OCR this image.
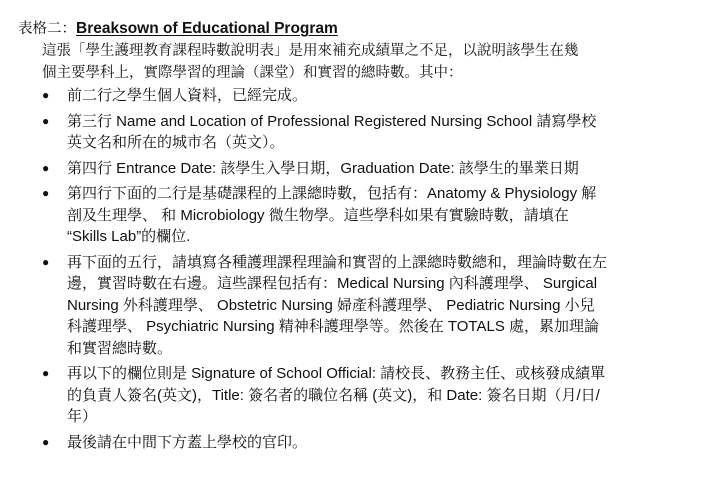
表格二：Breaksown of Educational Program

這張「學生護理教育課程時數說明表」是用來補充成績單之不足，以說明該學生在幾
個主要學科上，實際學習的理論（課堂）和實習的總時數。其中：

● 前二行之學生個人資料，已經完成。
● 第三行 Name and Location of Professional Registered Nursing School 請寫學校
英文名和所在的城市名（英文）。
● 第四行 Entrance Date: 該學生入學日期，Graduation Date: 該學生的畢業日期
● 第四行下面的二行是基礎課程的上課總時數，包括有：Anatomy & Physiology 解
剖及生理學、 和 Microbiology 微生物學。這些學科如果有實驗時數，請填在
“Skills Lab”的欄位.
● 再下面的五行，請填寫各種護理課程理論和實習的上課總時數總和，理論時數在左
邊，實習時數在右邊。這些課程包括有：Medical Nursing 內科護理學、 Surgical
Nursing 外科護理學、 Obstetric Nursing 婦產科護理學、 Pediatric Nursing 小兒
科護理學、 Psychiatric Nursing 精神科護理學等。然後在 TOTALS 處，累加理論
和實習總時數。
● 再以下的欄位則是 Signature of School Official: 請校長、教務主任、或核發成績單
的負責人簽名(英文)，Title: 簽名者的職位名稱 (英文)，和 Date: 簽名日期（月/日/
年）
● 最後請在中間下方蓋上學校的官印。
